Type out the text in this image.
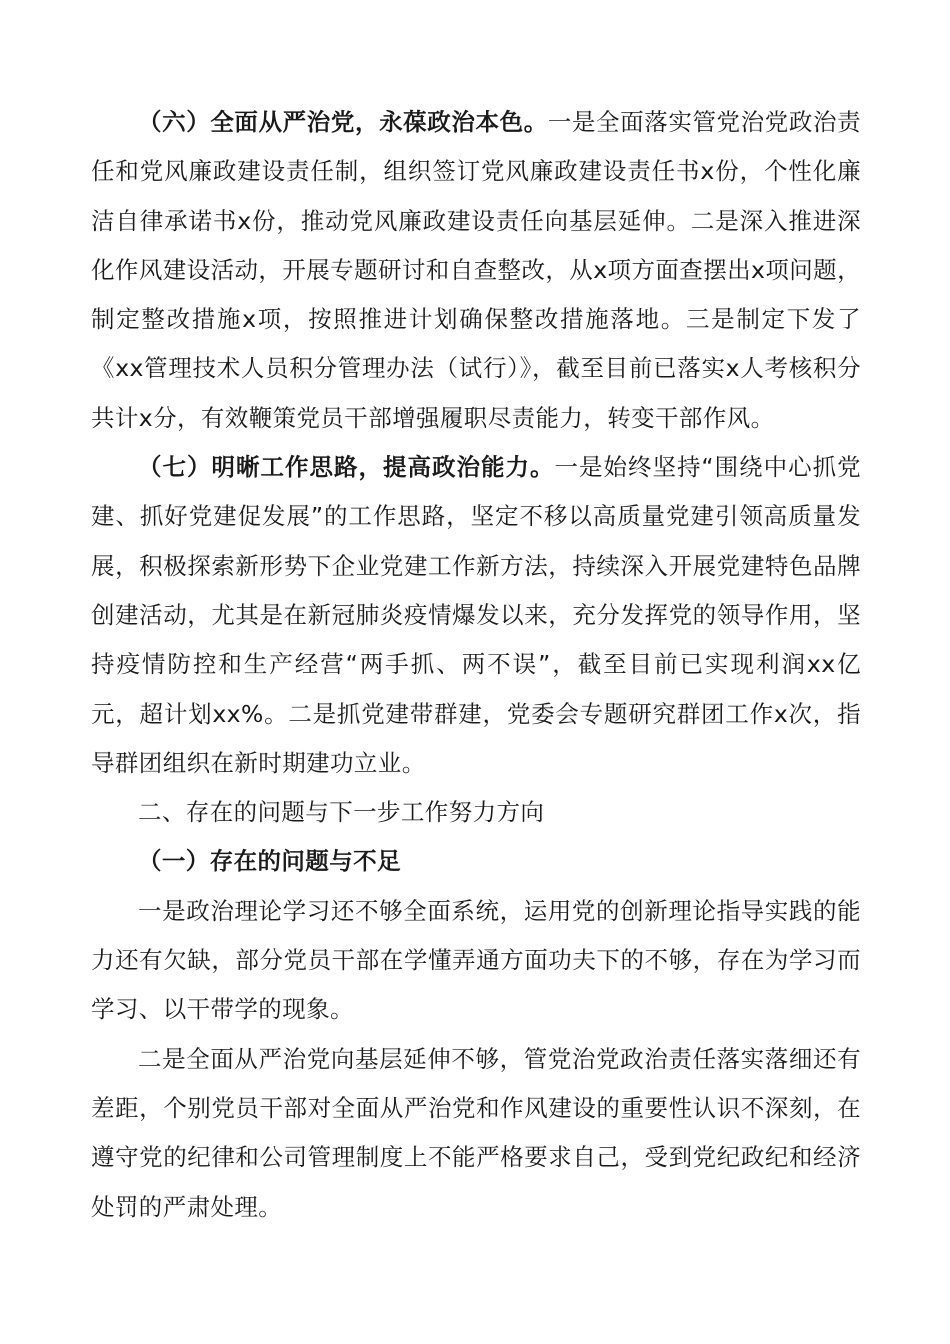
（六）全面从严治党，永葆政治本色。一是全面落实管党治党政治责任和党风廉政建设责任制，组织签订党风廉政建设责任书x份，个性化廉洁自律承诺书x份，推动党风廉政建设责任向基层延伸。二是深入推进深化作风建设活动，开展专题研讨和自查整改，从x项方面查摆出x项问题，制定整改措施x项，按照推进计划确保整改措施落地。三是制定下发了《xx管理技术人员积分管理办法（试行）》，截至目前已落实x人考核积分共计x分，有效鞭策党员干部增强履职尽责能力，转变干部作风。

（七）明晰工作思路，提高政治能力。一是始终坚持“围绕中心抓党建、抓好党建促发展”的工作思路，坚定不移以高质量党建引领高质量发展，积极探索新形势下企业党建工作新方法，持续深入开展党建特色品牌创建活动，尤其是在新冠肺炎疫情爆发以来，充分发挥党的领导作用，坚持疫情防控和生产经营“两手抓、两不误”，截至目前已实现利润xx亿元，超计划xx%。二是抓党建带群建，党委会专题研究群团工作x次，指导群团组织在新时期建功立业。

二、存在的问题与下一步工作努力方向

（一）存在的问题与不足

一是政治理论学习还不够全面系统，运用党的创新理论指导实践的能力还有欠缺，部分党员干部在学懂弄通方面功夫下的不够，存在为学习而学习、以干带学的现象。

二是全面从严治党向基层延伸不够，管党治党政治责任落实落细还有差距，个别党员干部对全面从严治党和作风建设的重要性认识不深刻，在遵守党的纪律和公司管理制度上不能严格要求自己，受到党纪政纪和经济处罚的严肃处理。
